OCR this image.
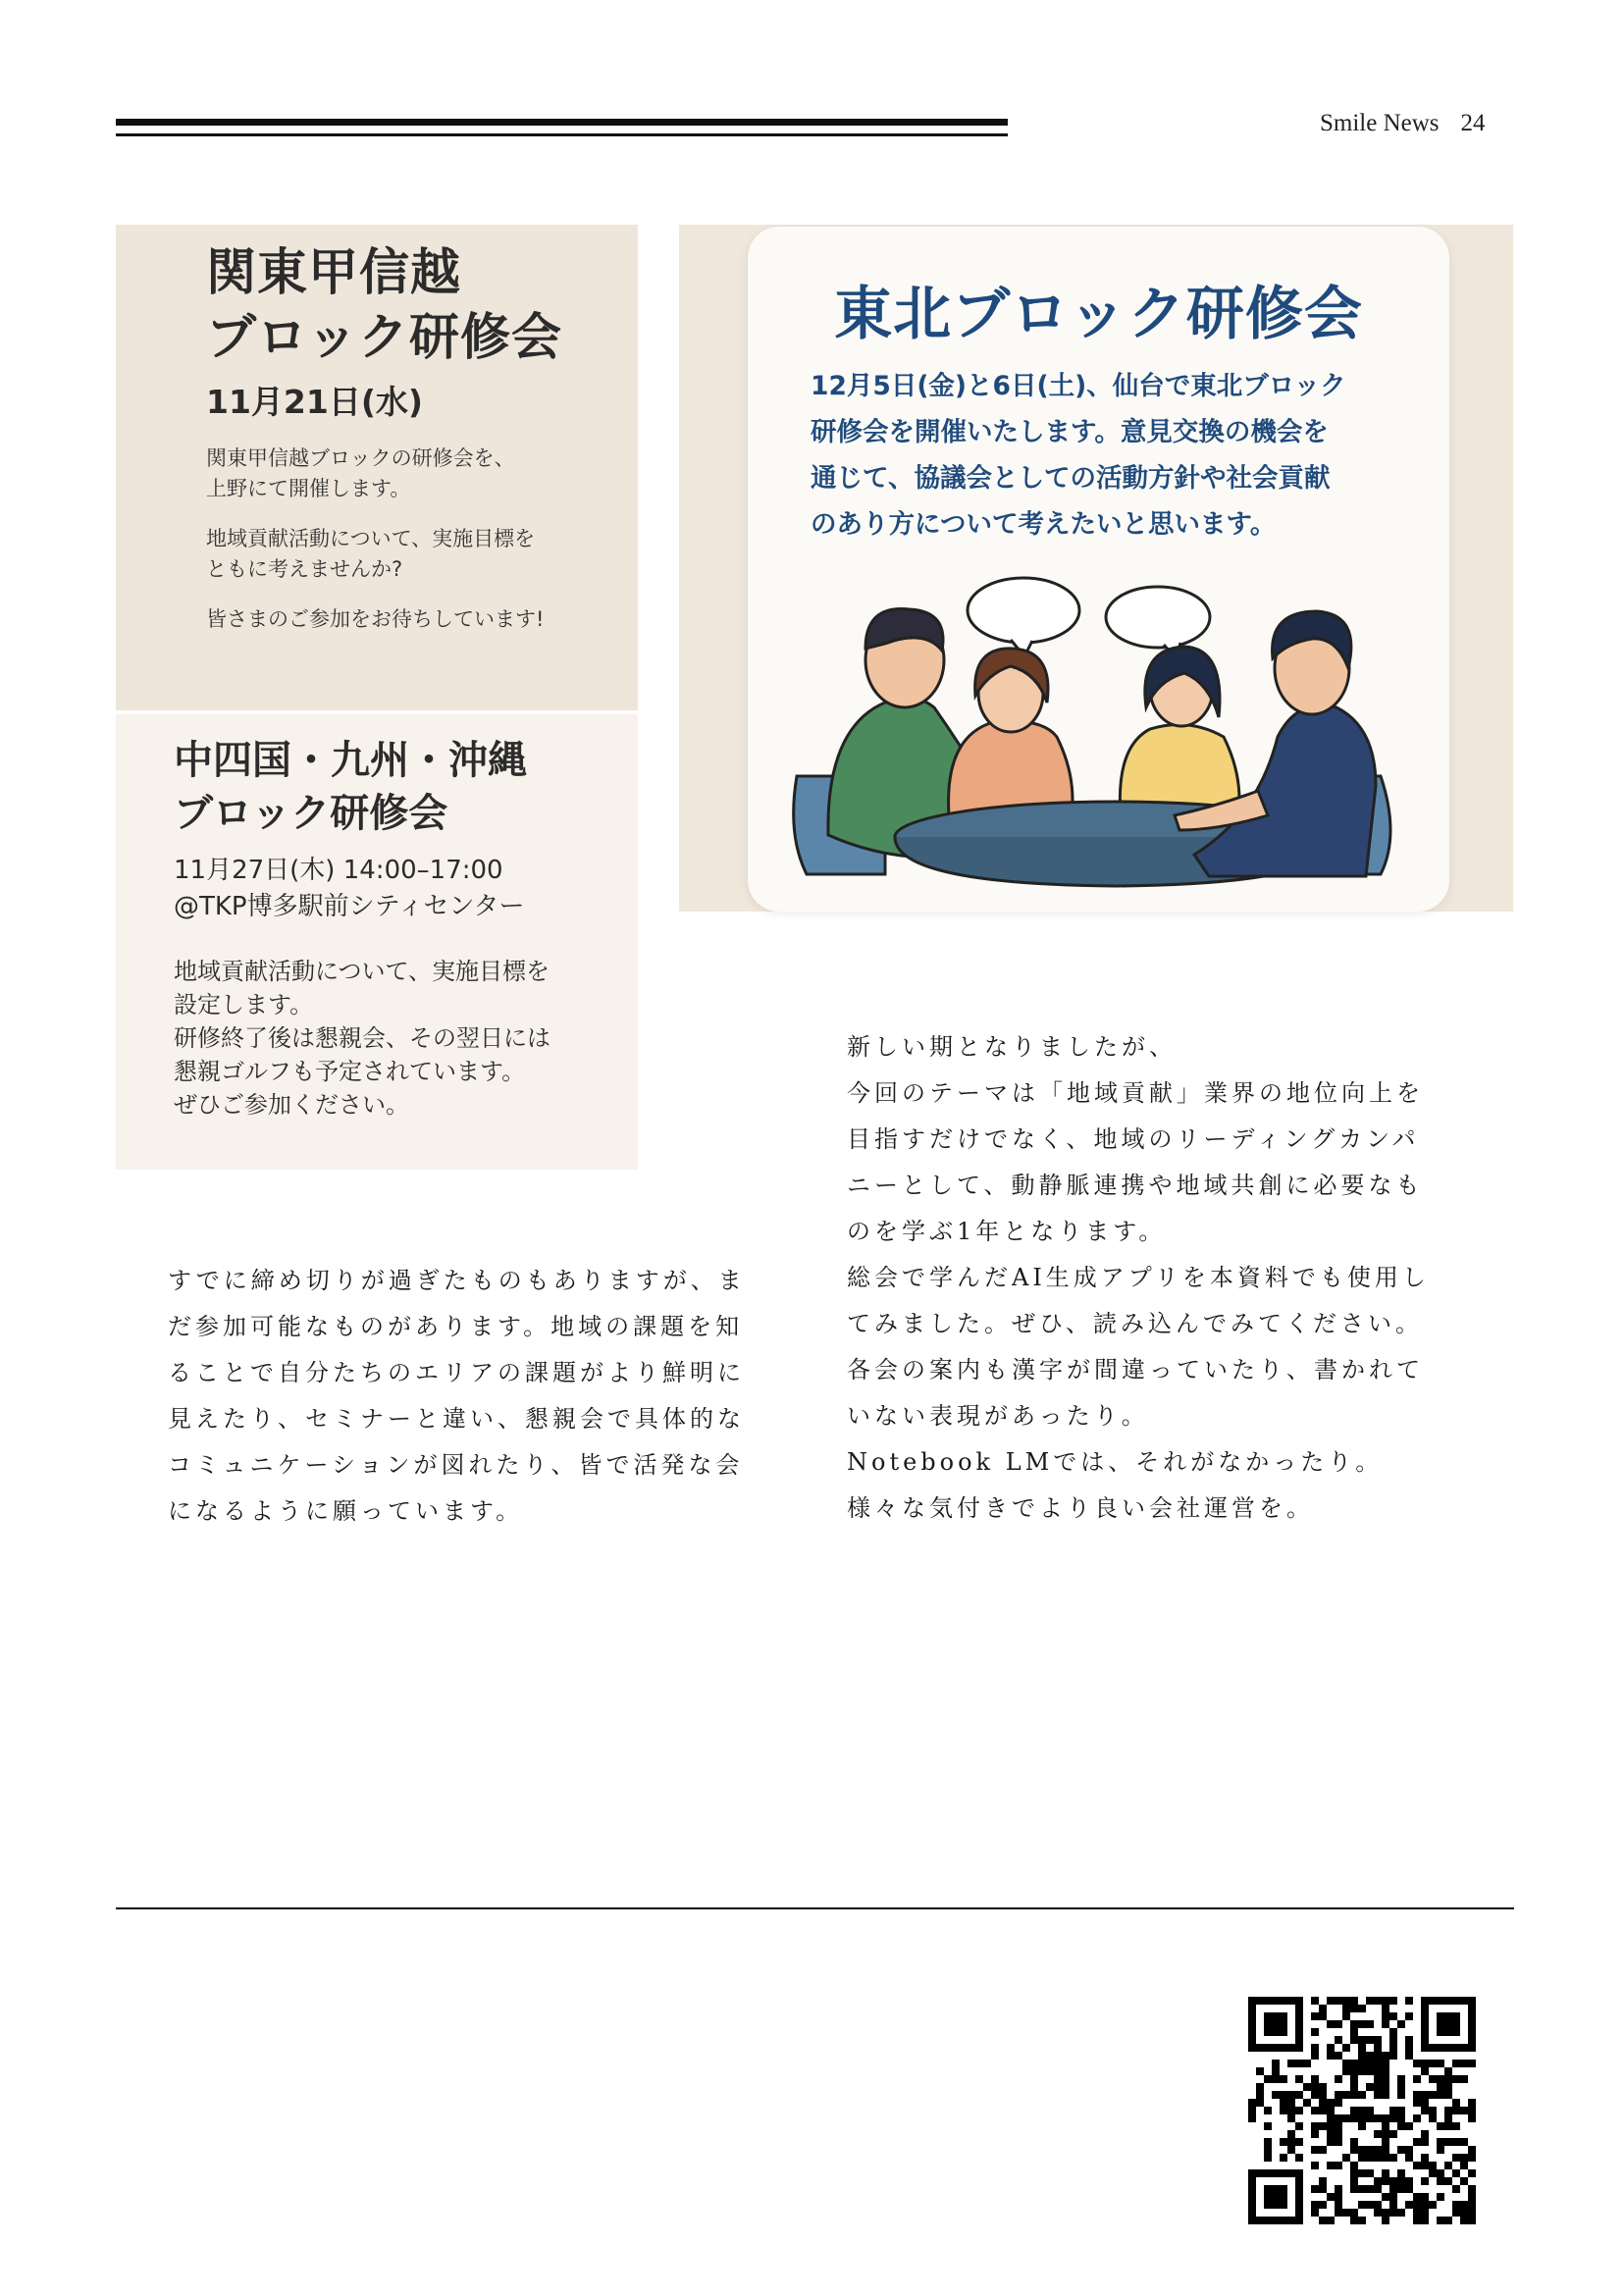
Smile News 24
関東甲信越
ブロック研修会
11月21日(水)

関東甲信越ブロックの研修会を、
上野にて開催します。

地域貢献活動について、実施目標を
ともに考えませんか?

皆さまのご参加をお待ちしています!

中四国・九州・沖縄
ブロック研修会
11月27日(木) 14:00–17:00
@TKP博多駅前シティセンター
地域貢献活動について、実施目標を
設定します。
研修終了後は懇親会、その翌日には
懇親ゴルフも予定されています。
ぜひご参加ください。
東北ブロック研修会
12月5日(金)と6日(土)、仙台で東北ブロック
研修会を開催いたします。意見交換の機会を
通じて、協議会としての活動方針や社会貢献
のあり方について考えたいと思います。
新しい期となりましたが、
今回のテーマは「地域貢献」業界の地位向上を
目指すだけでなく、地域のリーディングカンパ
ニーとして、動静脈連携や地域共創に必要なも
のを学ぶ1年となります。
総会で学んだAI生成アプリを本資料でも使用し
てみました。ぜひ、読み込んでみてください。
各会の案内も漢字が間違っていたり、書かれて
いない表現があったり。
Notebook LMでは、それがなかったり。
様々な気付きでより良い会社運営を。
すでに締め切りが過ぎたものもありますが、ま
だ参加可能なものがあります。地域の課題を知
ることで自分たちのエリアの課題がより鮮明に
見えたり、セミナーと違い、懇親会で具体的な
コミュニケーションが図れたり、皆で活発な会
になるように願っています。
